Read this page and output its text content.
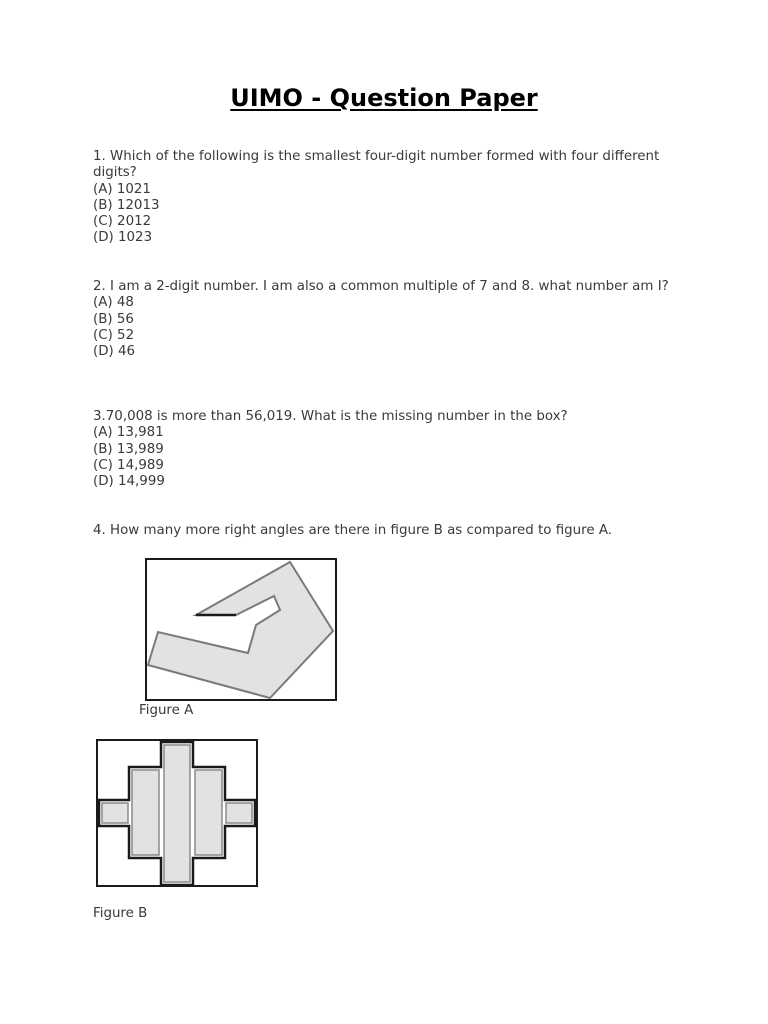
UIMO - Question Paper
1. Which of the following is the smallest four-digit number formed with four different digits?
(A) 1021
(B) 12013
(C) 2012
(D) 1023
2. I am a 2-digit number. I am also a common multiple of 7 and 8. what number am I?
(A) 48
(B) 56
(C) 52
(D) 46
3.70,008 is more than 56,019. What is the missing number in the box?
(A) 13,981
(B) 13,989
(C) 14,989
(D) 14,999
4. How many more right angles are there in figure B as compared to figure A.
Figure A
Figure B
